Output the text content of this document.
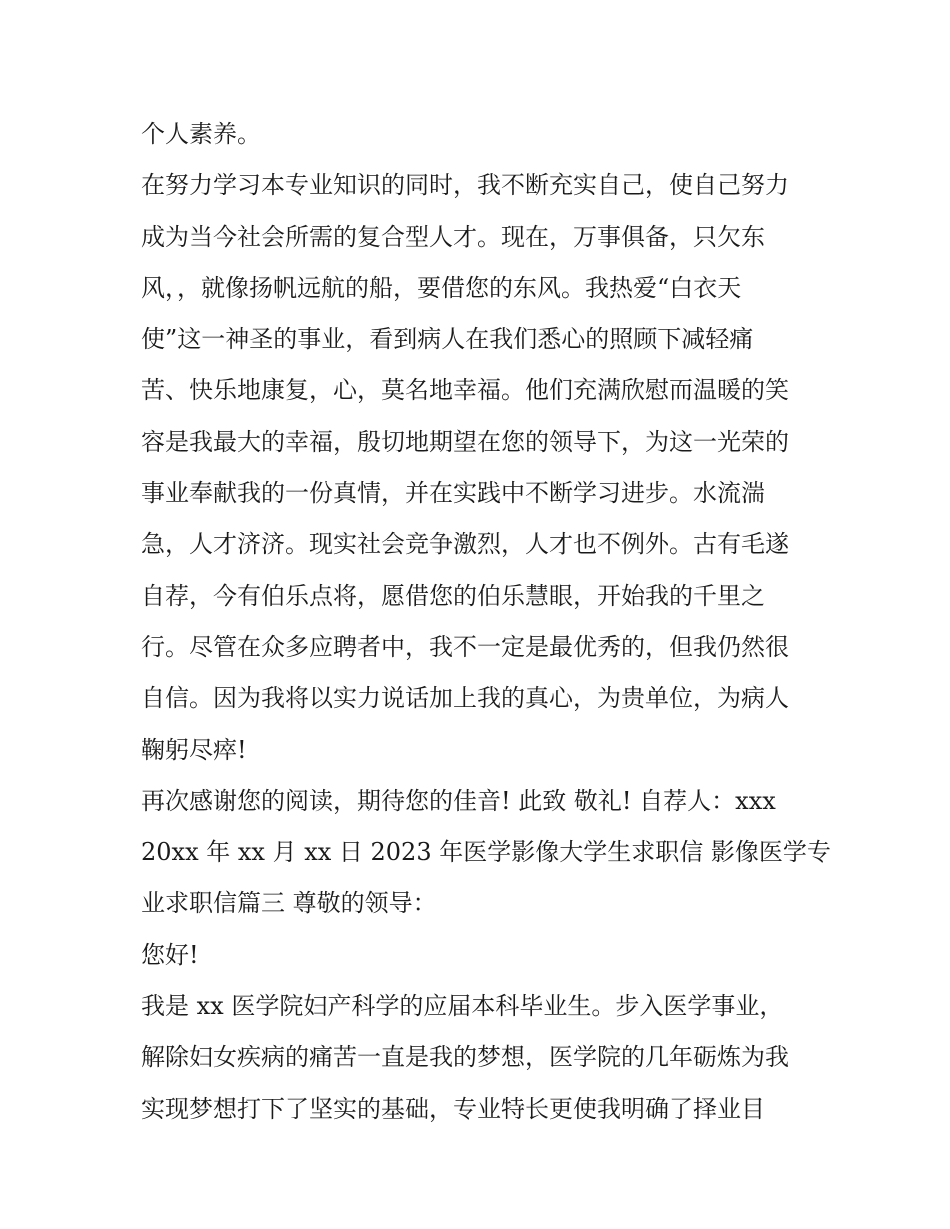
个人素养。
在努力学习本专业知识的同时，我不断充实自己，使自己努力
成为当今社会所需的复合型人才。现在，万事俱备，只欠东
风，，就像扬帆远航的船，要借您的东风。我热爱“白衣天
使”这一神圣的事业，看到病人在我们悉心的照顾下减轻痛
苦、快乐地康复，心，莫名地幸福。他们充满欣慰而温暖的笑
容是我最大的幸福，殷切地期望在您的领导下，为这一光荣的
事业奉献我的一份真情，并在实践中不断学习进步。水流湍
急，人才济济。现实社会竞争激烈，人才也不例外。古有毛遂
自荐，今有伯乐点将，愿借您的伯乐慧眼，开始我的千里之
行。尽管在众多应聘者中，我不一定是最优秀的，但我仍然很
自信。因为我将以实力说话加上我的真心，为贵单位，为病人
鞠躬尽瘁!
再次感谢您的阅读，期待您的佳音! 此致 敬礼! 自荐人：xxx
20xx 年 xx 月 xx 日 2023 年医学影像大学生求职信 影像医学专
业求职信篇三 尊敬的领导：
您好!
我是 xx 医学院妇产科学的应届本科毕业生。步入医学事业，
解除妇女疾病的痛苦一直是我的梦想，医学院的几年砺炼为我
实现梦想打下了坚实的基础，专业特长更使我明确了择业目
